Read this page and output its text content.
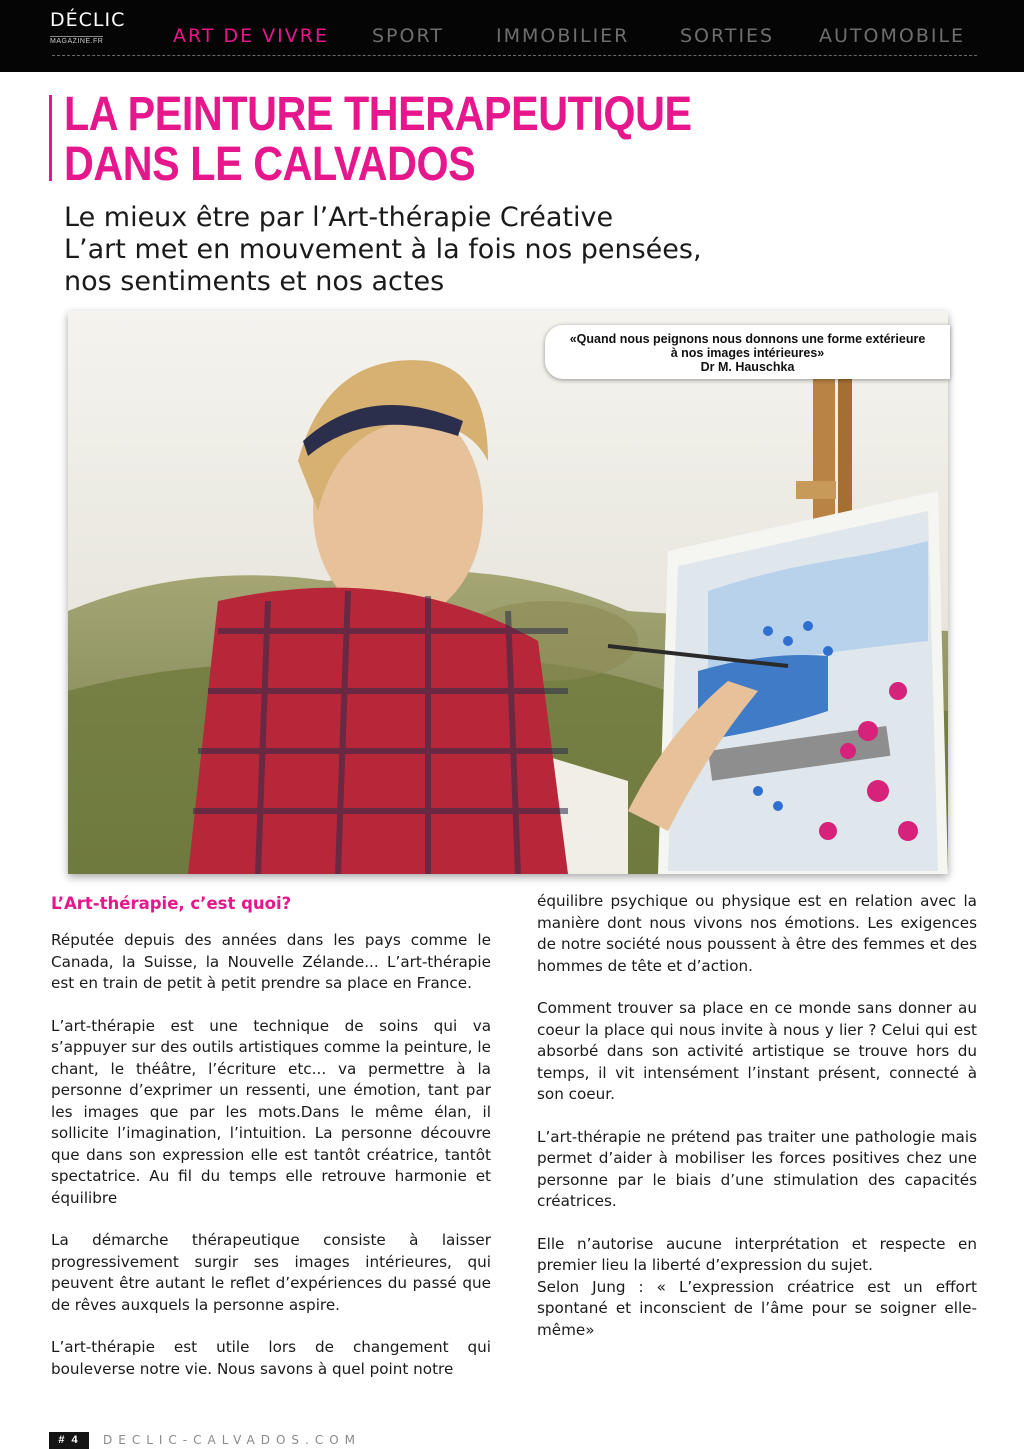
DÉCLIC
MAGAZINE.FR	ART DE VIVRE SPORT	IMMOBILIER	SORTIES AUTOMOBILE
LA PEINTURE THERAPEUTIQUE
DANS LE CALVADOS
Le mieux être par l’Art-thérapie Créative
L’art met en mouvement à la fois nos pensées,
nos sentiments et nos actes
«Quand nous peignons nous donnons une forme extérieure
à nos images intérieures»
Dr M. Hauschka
L’Art-thérapie, c’est quoi?

Réputée depuis des années dans les pays comme le Canada, la Suisse, la Nouvelle Zélande... L’art-thérapie est en train de petit à petit prendre sa place en France.

L’art-thérapie est une technique de soins qui va s’appuyer sur des outils artistiques comme la peinture, le chant, le théâtre, l’écriture etc... va permettre à la personne d’exprimer un ressenti, une émotion, tant par les images que par les mots.Dans le même élan, il sollicite l’imagination, l’intuition. La personne découvre que dans son expression elle est tantôt créatrice, tantôt spectatrice. Au fil du temps elle retrouve harmonie et équilibre

La démarche thérapeutique consiste à laisser progressivement surgir ses images intérieures, qui peuvent être autant le reflet d’expériences du passé que de rêves auxquels la personne aspire.

L’art-thérapie est utile lors de changement qui bouleverse notre vie. Nous savons à quel point notre

équilibre psychique ou physique est en relation avec la manière dont nous vivons nos émotions. Les exigences de notre société nous poussent à être des femmes et des hommes de tête et d’action.

Comment trouver sa place en ce monde sans donner au coeur la place qui nous invite à nous y lier ? Celui qui est absorbé dans son activité artistique se trouve hors du temps, il vit intensément l’instant présent, connecté à son coeur.

L’art-thérapie ne prétend pas traiter une pathologie mais permet d’aider à mobiliser les forces positives chez une personne par le biais d’une stimulation des capacités créatrices.

Elle n’autorise aucune interprétation et respecte en premier lieu la liberté d’expression du sujet.

Selon Jung : « L’expression créatrice est un effort spontané et inconscient de l’âme pour se soigner elle-même»

# 4	DECLIC-CALVADOS.COM
